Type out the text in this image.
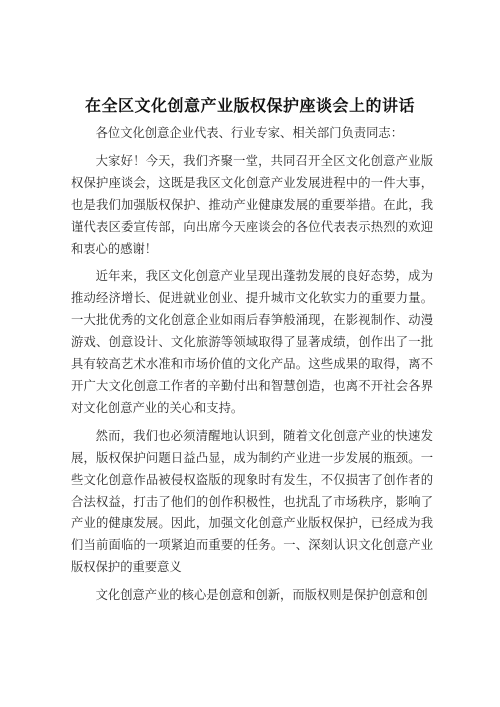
在全区文化创意产业版权保护座谈会上的讲话

各位文化创意企业代表、行业专家、相关部门负责同志：

大家好！今天，我们齐聚一堂，共同召开全区文化创意产业版权保护座谈会，这既是我区文化创意产业发展进程中的一件大事，也是我们加强版权保护、推动产业健康发展的重要举措。在此，我谨代表区委宣传部，向出席今天座谈会的各位代表表示热烈的欢迎和衷心的感谢！

近年来，我区文化创意产业呈现出蓬勃发展的良好态势，成为推动经济增长、促进就业创业、提升城市文化软实力的重要力量。一大批优秀的文化创意企业如雨后春笋般涌现，在影视制作、动漫游戏、创意设计、文化旅游等领域取得了显著成绩，创作出了一批具有较高艺术水准和市场价值的文化产品。这些成果的取得，离不开广大文化创意工作者的辛勤付出和智慧创造，也离不开社会各界对文化创意产业的关心和支持。

然而，我们也必须清醒地认识到，随着文化创意产业的快速发展，版权保护问题日益凸显，成为制约产业进一步发展的瓶颈。一些文化创意作品被侵权盗版的现象时有发生，不仅损害了创作者的合法权益，打击了他们的创作积极性，也扰乱了市场秩序，影响了产业的健康发展。因此，加强文化创意产业版权保护，已经成为我们当前面临的一项紧迫而重要的任务。一、深刻认识文化创意产业版权保护的重要意义

文化创意产业的核心是创意和创新，而版权则是保护创意和创
